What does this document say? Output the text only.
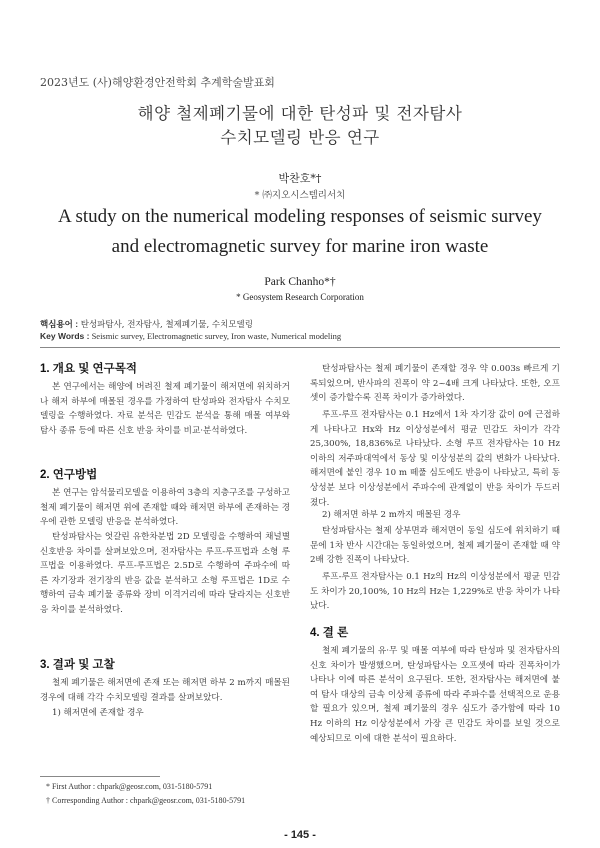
2023년도 (사)해양환경안전학회 추계학술발표회
해양 철제폐기물에 대한 탄성파 및 전자탐사
수치모델링 반응 연구
박찬호*†
* ㈜지오시스템리서치
A study on the numerical modeling responses of seismic survey
and electromagnetic survey for marine iron waste
Park Chanho*†
* Geosystem Research Corporation
핵심용어 : 탄성파탐사, 전자탐사, 철제폐기물, 수치모델링
Key Words : Seismic survey, Electromagnetic survey, Iron waste, Numerical modeling
1. 개요 및 연구목적

본 연구에서는 해양에 버려진 철제 폐기물이 해저면에 위치하거나 해저 하부에 매몰된 경우를 가정하여 탄성파와 전자탐사 수치모델링을 수행하였다. 자료 분석은 민감도 분석을 통해 매몰 여부와 탐사 종류 등에 따른 신호 반응 차이를 비교·분석하였다.

2. 연구방법

본 연구는 암석물리모델을 이용하여 3층의 지층구조를 구성하고 철제 폐기물이 해저면 위에 존재할 때와 해저면 하부에 존재하는 경우에 관한 모델링 반응을 분석하였다.

탄성파탐사는 엇갈린 유한차분법 2D 모델링을 수행하여 채널별 신호반응 차이를 살펴보았으며, 전자탐사는 루프-루프법과 소형 루프법을 이용하였다. 루프-루프법은 2.5D로 수행하여 주파수에 따른 자기장과 전기장의 반응 값을 분석하고 소형 루프법은 1D로 수행하여 금속 폐기물 종류와 장비 이격거리에 따라 달라지는 신호반응 차이를 분석하였다.

3. 결과 및 고찰

철제 폐기물은 해저면에 존재 또는 해저면 하부 2 m까지 매몰된 경우에 대해 각각 수치모델링 결과를 살펴보았다.

1) 해저면에 존재할 경우

탄성파탐사는 철제 폐기물이 존재할 경우 약 0.003s 빠르게 기록되었으며, 반사파의 진폭이 약 2~4배 크게 나타났다. 또한, 오프셋이 증가할수록 진폭 차이가 증가하였다.

루프-루프 전자탐사는 0.1 Hz에서 1차 자기장 값이 0에 근접하게 나타나고 Hx와 Hz 이상성분에서 평균 민감도 차이가 각각 25,300%, 18,836%로 나타났다. 소형 루프 전자탐사는 10 Hz 이하의 저주파대역에서 동상 및 이상성분의 값의 변화가 나타났다. 해저면에 붙인 경우 10 m 떼풀 심도에도 반응이 나타났고, 특히 동상성분 보다 이상성분에서 주파수에 관계없이 반응 차이가 두드러졌다.

2) 해저면 하부 2 m까지 매몰된 경우

탄성파탐사는 철제 상부면과 해저면이 동일 심도에 위치하기 때문에 1차 반사 시간대는 동일하였으며, 철제 폐기물이 존재할 때 약 2배 강한 진폭이 나타났다.

루프-루프 전자탐사는 0.1 Hz의 Hz의 이상성분에서 평균 민감도 차이가 20,100%, 10 Hz의 Hz는 1,229%로 반응 차이가 나타났다.

4. 결 론

철제 폐기물의 유·무 및 매몰 여부에 따라 탄성파 및 전자탐사의 신호 차이가 발생했으며, 탄성파탐사는 오프셋에 따라 진폭차이가 나타나 이에 따른 분석이 요구된다. 또한, 전자탐사는 해저면에 붙여 탐사 대상의 금속 이상체 종류에 따라 주파수를 선택적으로 운용할 필요가 있으며, 철제 폐기물의 경우 심도가 증가함에 따라 10 Hz 이하의 Hz 이상성분에서 가장 큰 민감도 차이를 보일 것으로 예상되므로 이에 대한 분석이 필요하다.

* First Author : chpark@geosr.com, 031-5180-5791
† Corresponding Author : chpark@geosr.com, 031-5180-5791
- 145 -
